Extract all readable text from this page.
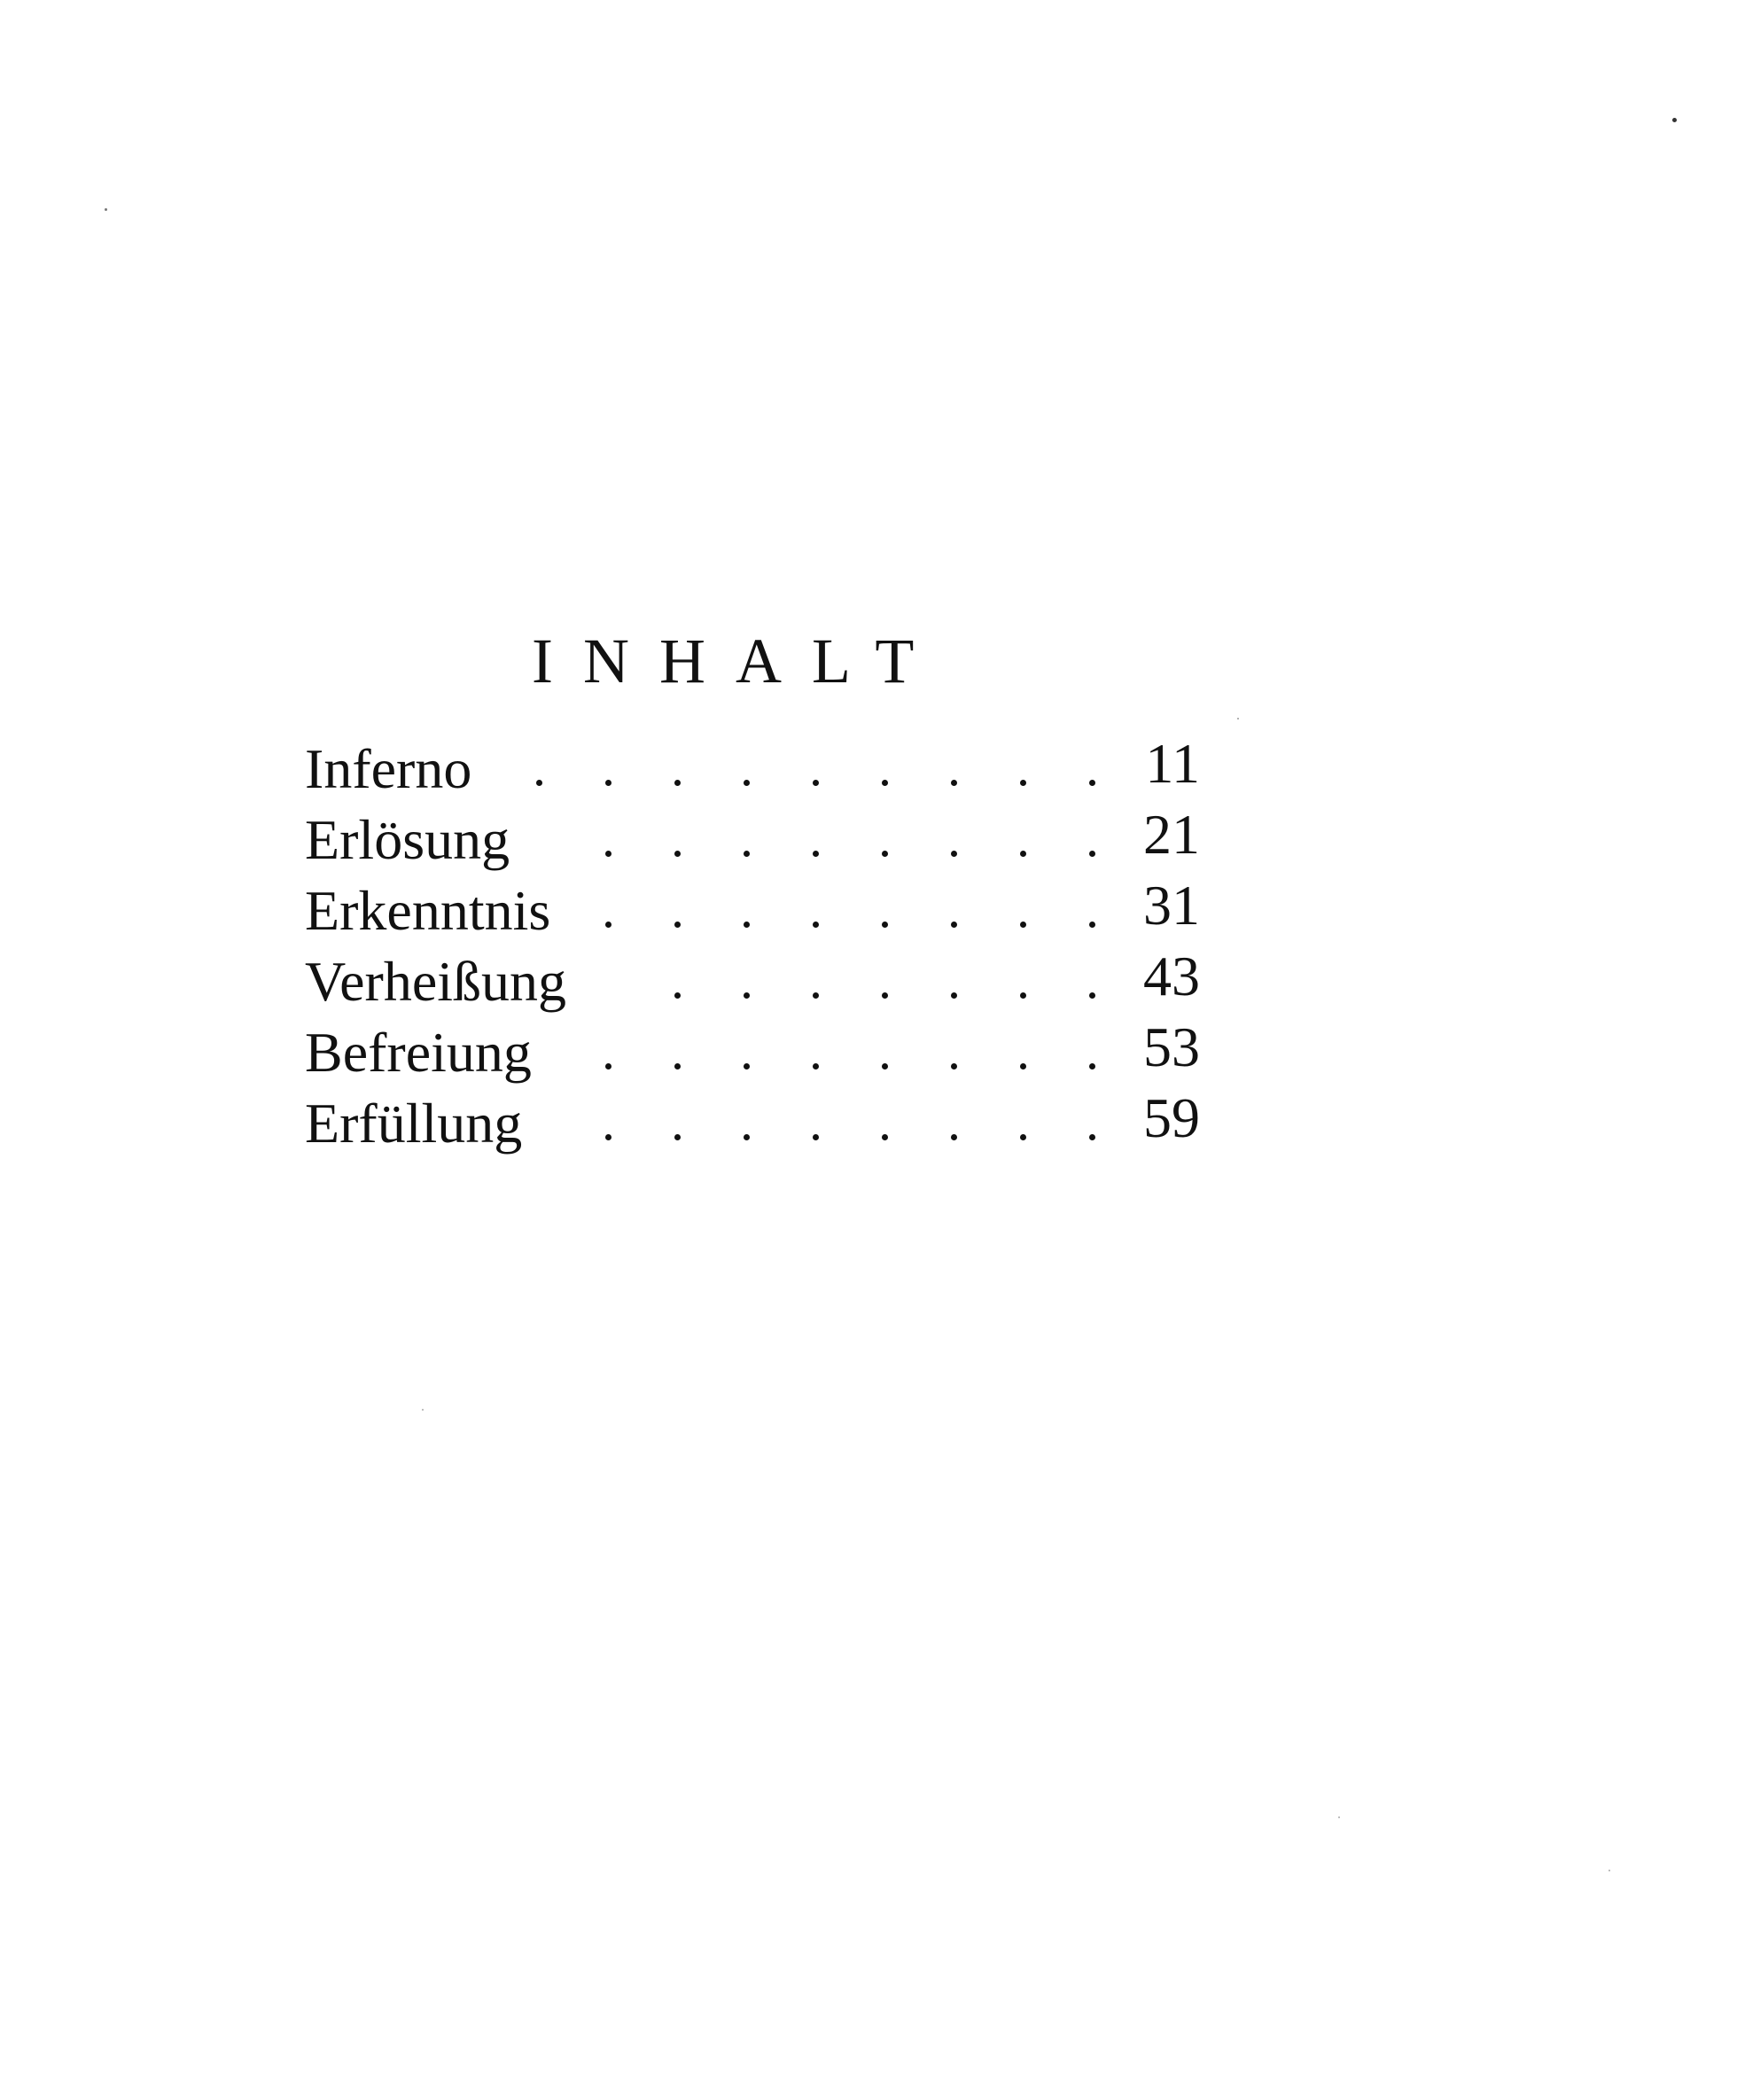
INHALT
Inferno	11
Erlösung	21
Erkenntnis	31
Verheißung	43
Befreiung	53
Erfüllung	59
